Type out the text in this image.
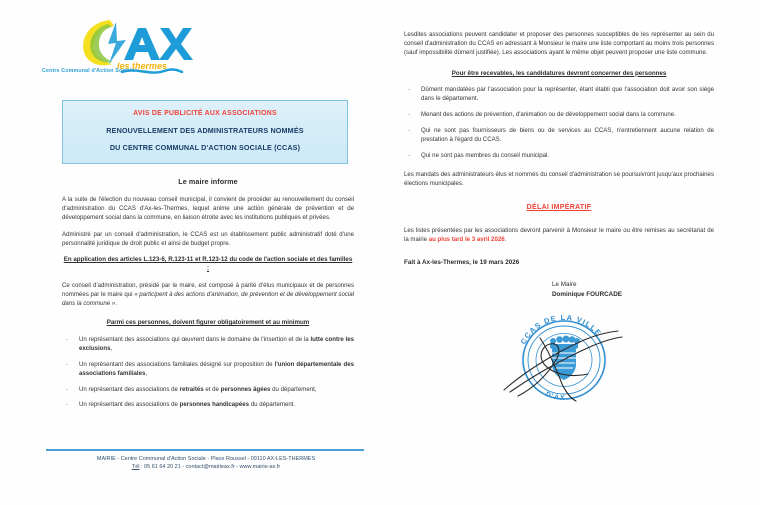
les thermes
Centre Communal d'Action Sociale
AVIS DE PUBLICITÉ AUX ASSOCIATIONS
RENOUVELLEMENT DES ADMINISTRATEURS NOMMÉS
DU CENTRE COMMUNAL D'ACTION SOCIALE (CCAS)
Le maire informe

A la suite de l'élection du nouveau conseil municipal, il convient de procéder au renouvellement du conseil d'administration du CCAS d'Ax-les-Thermes, lequel anime une action générale de prévention et de développement social dans la commune, en liaison étroite avec les institutions publiques et privées.

Administré par un conseil d'administration, le CCAS est un établissement public administratif doté d'une personnalité juridique de droit public et ainsi de budget propre.

En application des articles L.123-6, R.123-11 et R.123-12 du code de l'action sociale et des familles :

Ce conseil d'administration, présidé par le maire, est composé à parité d'élus municipaux et de personnes nommées par le maire qui « participent à des actions d'animation, de prévention et de développement social dans la commune ».

Parmi ces personnes, doivent figurer obligatoirement et au minimum
- Un représentant des associations qui œuvrent dans le domaine de l'insertion et de la lutte contre les exclusions,
- Un représentant des associations familiales désigné sur proposition de l'union départementale des associations familiales,
- Un représentant des associations de retraités et de personnes âgées du département,
- Un représentant des associations de personnes handicapées du département.

Lesdites associations peuvent candidater et proposer des personnes susceptibles de les représenter au sein du conseil d'administration du CCAS en adressant à Monsieur le maire une liste comportant au moins trois personnes (sauf impossibilité dûment justifiée). Les associations ayant le même objet peuvent proposer une liste commune.

Pour être recevables, les candidatures devront concerner des personnes
- Dûment mandatées par l'association pour la représenter, étant établi que l'association doit avoir son siège dans le département.
- Menant des actions de prévention, d'animation ou de développement social dans la commune.
- Qui ne sont pas fournisseurs de biens ou de services au CCAS, n'entretiennent aucune relation de prestation à l'égard du CCAS.
- Qui ne sont pas membres du conseil municipal.

Les mandats des administrateurs élus et nommés du conseil d'administration se poursuivront jusqu'aux prochaines élections municipales.

DÉLAI IMPÉRATIF

Les listes présentées par les associations devront parvenir à Monsieur le maire ou être remises au secrétariat de la mairie au plus tard le 3 avril 2026.

Fait à Ax-les-Thermes, le 19 mars 2026

Le Maire
Dominique FOURCADE
CCAS DE LA VILLE
D'AX
MAIRIE - Centre Communal d'Action Sociale - Place Roussel - 09110 AX-LES-THERMES
Tél : 05 61 64 20 21 - contact@mairieax.fr - www.mairie-ax.fr
